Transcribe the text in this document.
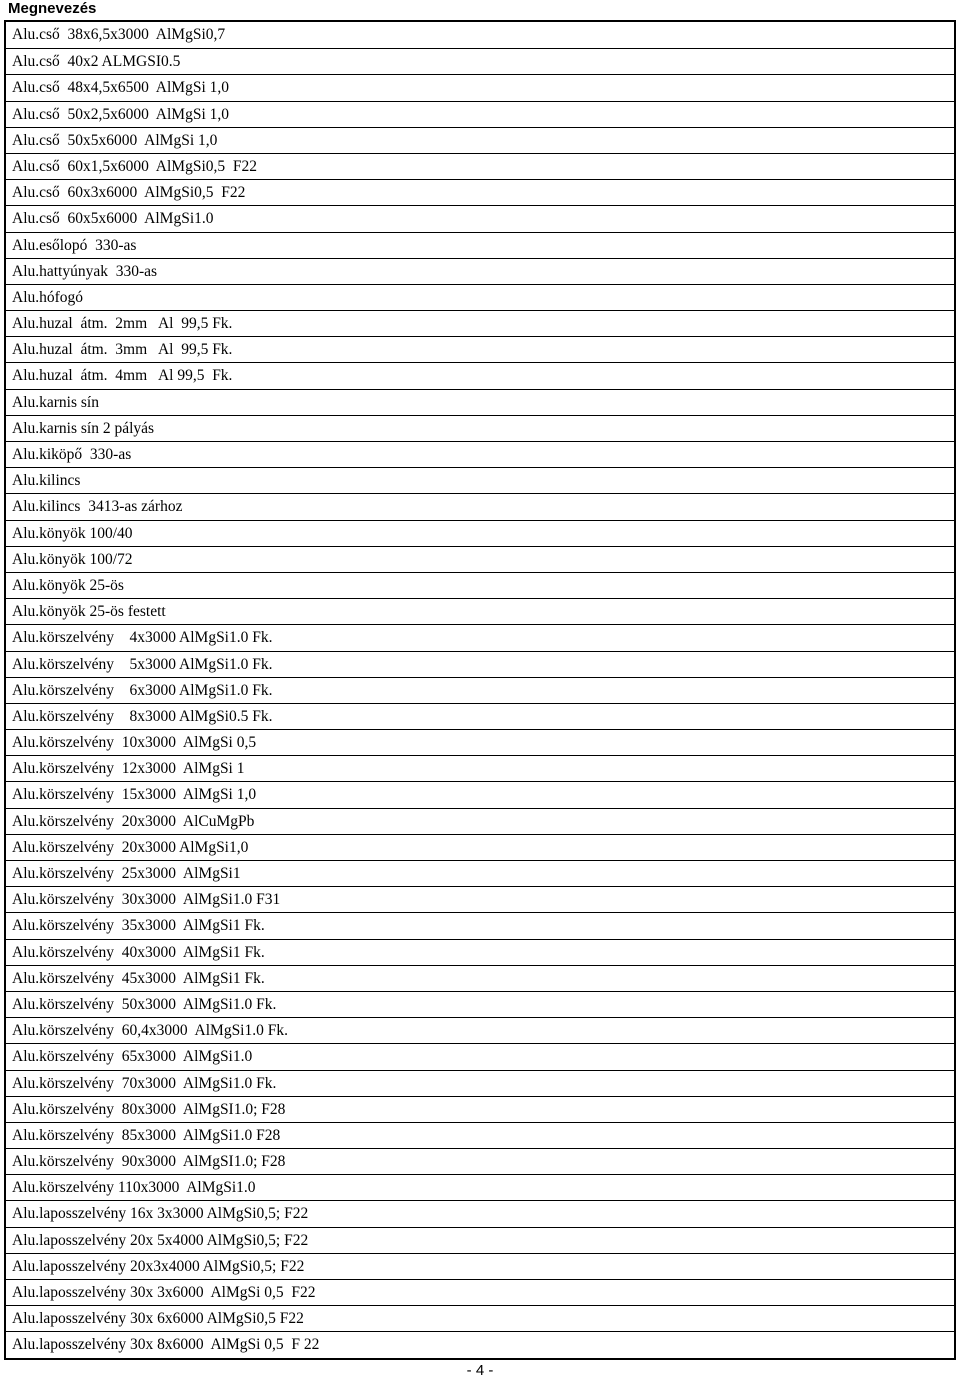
Megnevezés
Alu.cső  38x6,5x3000  AlMgSi0,7
Alu.cső  40x2 ALMGSI0.5
Alu.cső  48x4,5x6500  AlMgSi 1,0
Alu.cső  50x2,5x6000  AlMgSi 1,0
Alu.cső  50x5x6000  AlMgSi 1,0
Alu.cső  60x1,5x6000  AlMgSi0,5  F22
Alu.cső  60x3x6000  AlMgSi0,5  F22
Alu.cső  60x5x6000  AlMgSi1.0
Alu.esőlopó  330-as
Alu.hattyúnyak  330-as
Alu.hófogó
Alu.huzal  átm.  2mm   Al  99,5 Fk.
Alu.huzal  átm.  3mm   Al  99,5 Fk.
Alu.huzal  átm.  4mm   Al 99,5  Fk.
Alu.karnis sín
Alu.karnis sín 2 pályás
Alu.kiköpő  330-as
Alu.kilincs
Alu.kilincs  3413-as zárhoz
Alu.könyök 100/40
Alu.könyök 100/72
Alu.könyök 25-ös
Alu.könyök 25-ös festett
Alu.körszelvény    4x3000 AlMgSi1.0 Fk.
Alu.körszelvény    5x3000 AlMgSi1.0 Fk.
Alu.körszelvény    6x3000 AlMgSi1.0 Fk.
Alu.körszelvény    8x3000 AlMgSi0.5 Fk.
Alu.körszelvény  10x3000  AlMgSi 0,5
Alu.körszelvény  12x3000  AlMgSi 1
Alu.körszelvény  15x3000  AlMgSi 1,0
Alu.körszelvény  20x3000  AlCuMgPb
Alu.körszelvény  20x3000 AlMgSi1,0
Alu.körszelvény  25x3000  AlMgSi1
Alu.körszelvény  30x3000  AlMgSi1.0 F31
Alu.körszelvény  35x3000  AlMgSi1 Fk.
Alu.körszelvény  40x3000  AlMgSi1 Fk.
Alu.körszelvény  45x3000  AlMgSi1 Fk.
Alu.körszelvény  50x3000  AlMgSi1.0 Fk.
Alu.körszelvény  60,4x3000  AlMgSi1.0 Fk.
Alu.körszelvény  65x3000  AlMgSi1.0
Alu.körszelvény  70x3000  AlMgSi1.0 Fk.
Alu.körszelvény  80x3000  AlMgSI1.0; F28
Alu.körszelvény  85x3000  AlMgSi1.0 F28
Alu.körszelvény  90x3000  AlMgSI1.0; F28
Alu.körszelvény 110x3000  AlMgSi1.0
Alu.laposszelvény 16x 3x3000 AlMgSi0,5; F22
Alu.laposszelvény 20x 5x4000 AlMgSi0,5; F22
Alu.laposszelvény 20x3x4000 AlMgSi0,5; F22
Alu.laposszelvény 30x 3x6000  AlMgSi 0,5  F22
Alu.laposszelvény 30x 6x6000 AlMgSi0,5 F22
Alu.laposszelvény 30x 8x6000  AlMgSi 0,5  F 22
- 4 -
